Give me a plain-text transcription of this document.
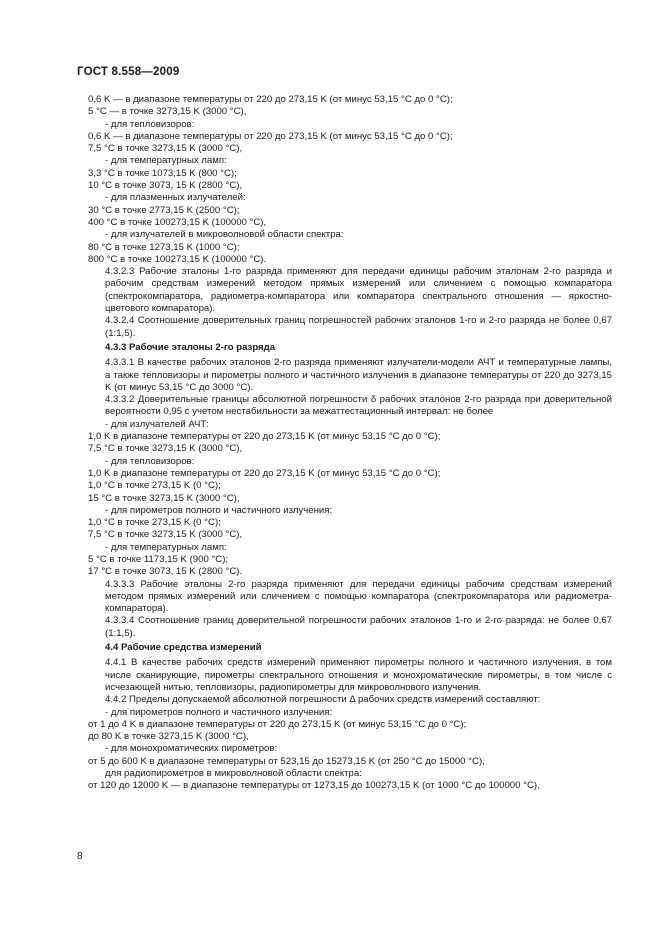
ГОСТ 8.558—2009
0,6 K — в диапазоне температуры от 220 до 273,15 K (от минус 53,15 °С до 0 °С);
5 °С — в точке 3273,15 K (3000 °С),
- для тепловизоров:
0,6 K — в диапазоне температуры от 220 до 273,15 K (от минус 53,15 °С до 0 °С);
7,5 °С в точке 3273,15 K (3000 °С),
- для температурных ламп:
3,3 °С в точке 1073,15 K (800 °С);
10 °С в точке 3073, 15 K (2800 °С),
- для плазменных излучателей:
30 °С в точке 2773,15 K (2500 °С);
400 °С в точке 100273,15 K (100000 °С),
- для излучателей в микроволновой области спектра:
80 °С в точке 1273,15 K (1000 °С);
800 °С в точке 100273,15 K (100000 °С).
4.3.2.3 Рабочие эталоны 1-го разряда применяют для передачи единицы рабочим эталонам 2-го разряда и рабочим средствам измерений методом прямых измерений или сличением с помощью компаратора (спектрокомпаратора, радиометра-компаратора или компаратора спектрального отношения — яркостно-цветового компаратора).
4.3.2.4 Соотношение доверительных границ погрешностей рабочих эталонов 1-го и 2-го разряда не более 0,67 (1:1,5).
4.3.3 Рабочие эталоны 2-го разряда
4.3.3.1 В качестве рабочих эталонов 2-го разряда применяют излучатели-модели АЧТ и температурные лампы, а также тепловизоры и пирометры полного и частичного излучения в диапазоне температуры от 220 до 3273,15 K (от минус 53,15 °С до 3000 °С).
4.3.3.2 Доверительные границы абсолютной погрешности δ рабочих эталонов 2-го разряда при доверительной вероятности 0,95 с учетом нестабильности за межаттестационный интервал: не более
- для излучателей АЧТ:
1,0 K в диапазоне температуры от 220 до 273,15 K (от минус 53,15 °С до 0 °С);
7,5 °С в точке 3273,15 K (3000 °С),
- для тепловизоров:
1,0 K в диапазоне температуры от 220 до 273,15 K (от минус 53,15 °С до 0 °С);
1,0 °С в точке 273,15 K (0 °С);
15 °С в точке 3273,15 K (3000 °С),
- для пирометров полного и частичного излучения:
1,0 °С в точке 273,15 K (0 °С);
7,5 °С в точке 3273,15 K (3000 °С),
- для температурных ламп:
5 °С в точке 1173,15 K (900 °С);
17 °С в точке 3073, 15 K (2800 °С).
4.3.3.3 Рабочие эталоны 2-го разряда применяют для передачи единицы рабочим средствам измерений методом прямых измерений или сличением с помощью компаратора (спектрокомпаратора или радиометра-компаратора).
4.3.3.4 Соотношение границ доверительной погрешности рабочих эталонов 1-го и 2-го разряда: не более 0,67 (1:1,5).
4.4 Рабочие средства измерений
4.4.1 В качестве рабочих средств измерений применяют пирометры полного и частичного излучения, в том числе сканирующие, пирометры спектрального отношения и монохроматические пирометры, в том числе с исчезающей нитью, тепловизоры, радиопирометры для микроволнового излучения.
4.4.2 Пределы допускаемой абсолютной погрешности Δ рабочих средств измерений составляют:
- для пирометров полного и частичного излучения:
от 1 до 4 K в диапазоне температуры от 220 до 273,15 K (от минус 53,15 °С до 0 °С);
до 80 K в точке 3273,15 K (3000 °С),
- для монохроматических пирометров:
от 5 до 600 K в диапазоне температуры от 523,15 до 15273,15 K (от 250 °С до 15000 °С),
для радиопирометров в микроволновой области спектра:
от 120 до 12000 K — в диапазоне температуры от 1273,15 до 100273,15 K (от 1000 °С до 100000 °С).
8
